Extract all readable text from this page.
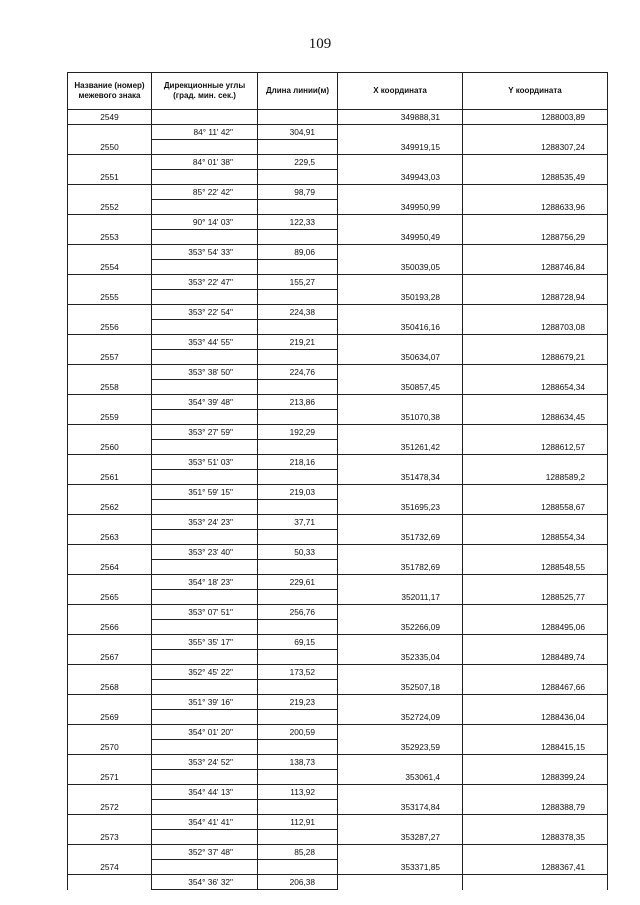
109
Название (номер) межевого знака	Дирекционные углы (град. мин. сек.)	Длина линии(м)	X координата	Y координата
2549			349888,31	1288003,89
	84° 11' 42"	304,91		
2550			349919,15	1288307,24
	84° 01' 38"	229,5		
2551			349943,03	1288535,49
	85° 22' 42"	98,79		
2552			349950,99	1288633,96
	90° 14' 03"	122,33		
2553			349950,49	1288756,29
	353° 54' 33"	89,06		
2554			350039,05	1288746,84
	353° 22' 47"	155,27		
2555			350193,28	1288728,94
	353° 22' 54"	224,38		
2556			350416,16	1288703,08
	353° 44' 55"	219,21		
2557			350634,07	1288679,21
	353° 38' 50"	224,76		
2558			350857,45	1288654,34
	354° 39' 48"	213,86		
2559			351070,38	1288634,45
	353° 27' 59"	192,29		
2560			351261,42	1288612,57
	353° 51' 03"	218,16		
2561			351478,34	1288589,2
	351° 59' 15"	219,03		
2562			351695,23	1288558,67
	353° 24' 23"	37,71		
2563			351732,69	1288554,34
	353° 23' 40"	50,33		
2564			351782,69	1288548,55
	354° 18' 23"	229,61		
2565			352011,17	1288525,77
	353° 07' 51"	256,76		
2566			352266,09	1288495,06
	355° 35' 17"	69,15		
2567			352335,04	1288489,74
	352° 45' 22"	173,52		
2568			352507,18	1288467,66
	351° 39' 16"	219,23		
2569			352724,09	1288436,04
	354° 01' 20"	200,59		
2570			352923,59	1288415,15
	353° 24' 52"	138,73		
2571			353061,4	1288399,24
	354° 44' 13"	113,92		
2572			353174,84	1288388,79
	354° 41' 41"	112,91		
2573			353287,27	1288378,35
	352° 37' 48"	85,28		
2574			353371,85	1288367,41
	354° 36' 32"	206,38		
